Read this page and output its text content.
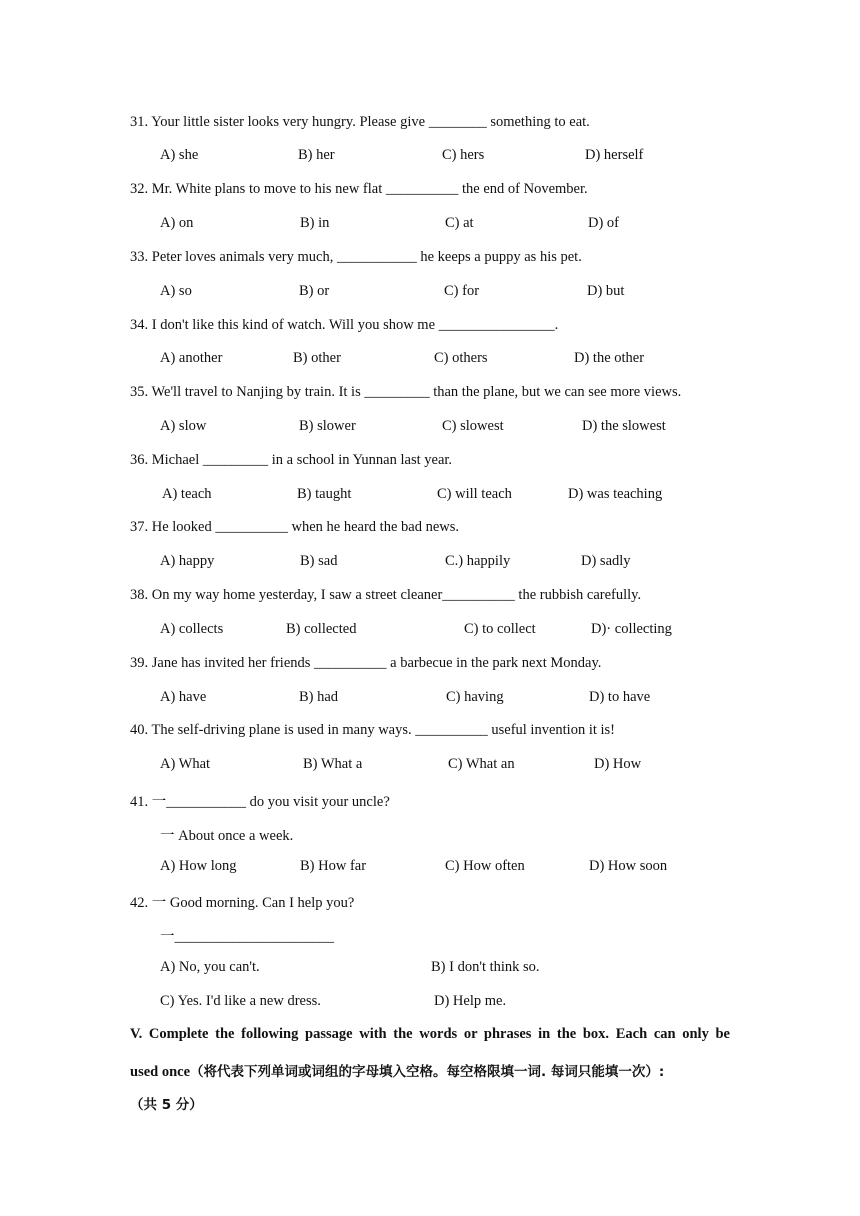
31. Your little sister looks very hungry. Please give ________ something to eat.
A) she	B) her	C) hers	D) herself
32. Mr. White plans to move to his new flat __________ the end of November.
A) on	B) in	C) at	D) of
33. Peter loves animals very much, ___________ he keeps a puppy as his pet.
A) so	B) or	C) for	D) but
34. I don't like this kind of watch. Will you show me ________________.
A) another	B) other	C) others	D) the other
35. We'll travel to Nanjing by train. It is _________ than the plane, but we can see more views.
A) slow	B) slower	C) slowest	D) the slowest
36. Michael _________ in a school in Yunnan last year.
A) teach	B) taught	C) will teach	D) was teaching
37. He looked __________ when he heard the bad news.
A) happy	B) sad	C.) happily	D) sadly
38. On my way home yesterday, I saw a street cleaner__________ the rubbish carefully.
A) collects	B) collected	C) to collect	D)· collecting
39. Jane has invited her friends __________ a barbecue in the park next Monday.
A) have	B) had	C) having	D) to have
40. The self-driving plane is used in many ways. __________ useful invention it is!
A) What	B) What a	C) What an	D) How
41. 一___________ do you visit your uncle?
一 About once a week.
A) How long	B) How far	C) How often	D) How soon
42. 一 Good morning. Can I help you?
一______________________
A) No, you can't.	B) I don't think so.
C) Yes. I'd like a new dress.	D) Help me.
V. Complete the following passage with the words or phrases in the box. Each can only be
used once（将代表下列单词或词组的字母填入空格。每空格限填一词. 每词只能填一次）:
（共 5 分）
